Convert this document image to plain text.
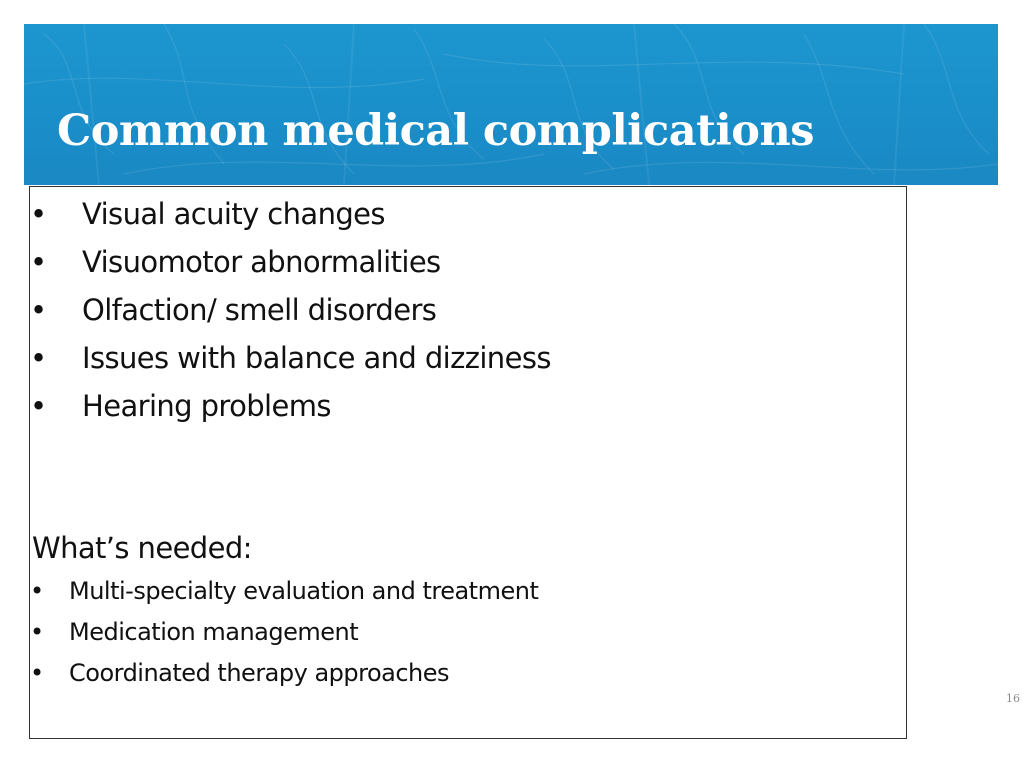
Common medical complications
• Visual acuity changes
• Visuomotor abnormalities
• Olfaction/ smell disorders
• Issues with balance and dizziness
• Hearing problems
What’s needed:
• Multi-specialty evaluation and treatment
• Medication management
• Coordinated therapy approaches
16
